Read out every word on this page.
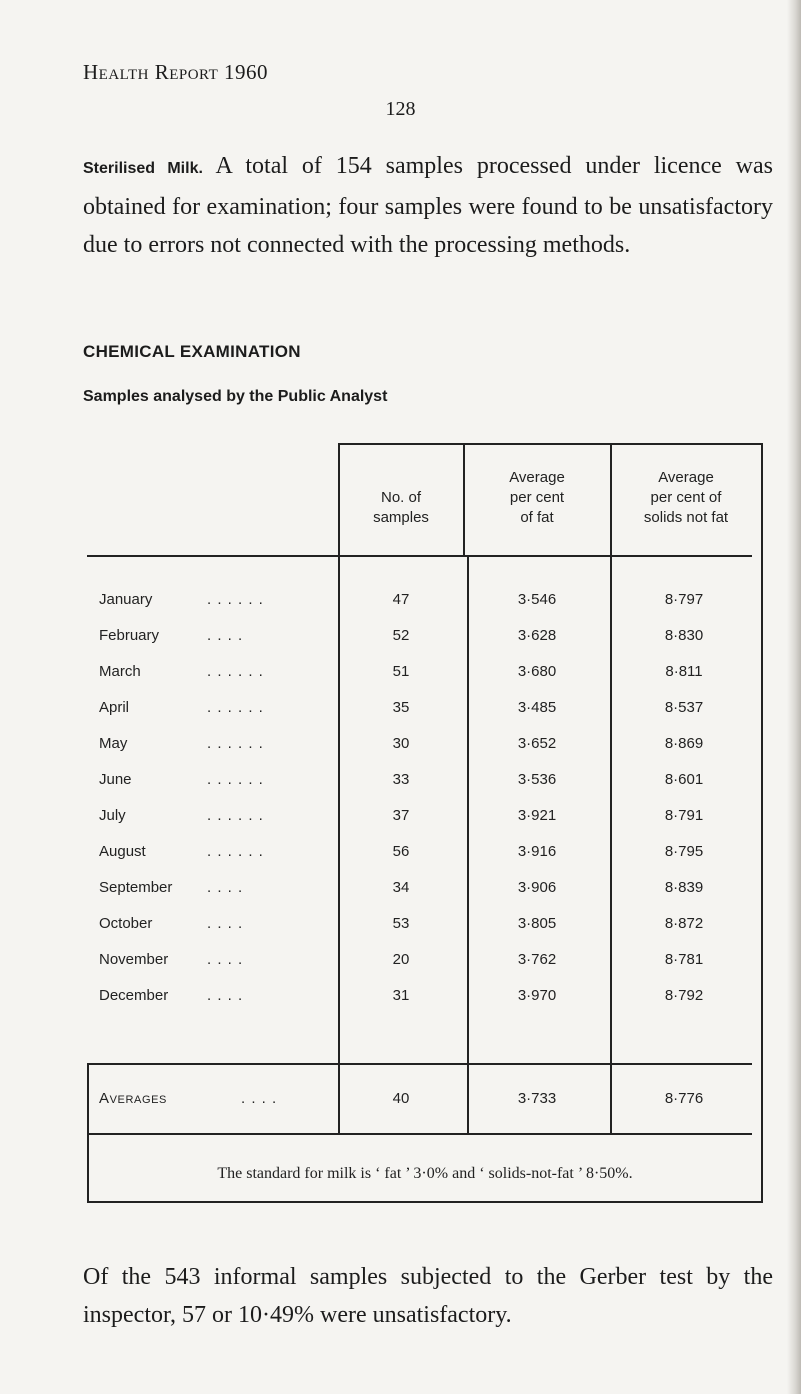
Health Report 1960
128
Sterilised Milk. A total of 154 samples processed under licence was obtained for examination; four samples were found to be unsatisfactory due to errors not connected with the processing methods.
CHEMICAL EXAMINATION
Samples analysed by the Public Analyst
No. of
samples
Average
per cent
of fat
Average
per cent of
solids not fat
January	. . . . . .	47	3·546	8·797
February	. . . .	52	3·628	8·830
March	. . . . . .	51	3·680	8·811
April	. . . . . .	35	3·485	8·537
May	. . . . . .	30	3·652	8·869
June	. . . . . .	33	3·536	8·601
July	. . . . . .	37	3·921	8·791
August	. . . . . .	56	3·916	8·795
September . . . .	34	3·906	8·839
October	. . . .	53	3·805	8·872
November	. . . .	20	3·762	8·781
December	. . . .	31	3·970	8·792
Averages	. . . .	40	3·733	8·776
The standard for milk is ‘ fat ’ 3·0% and ‘ solids-not-fat ’ 8·50%.
Of the 543 informal samples subjected to the Gerber test by the inspector, 57 or 10·49% were unsatisfactory.
